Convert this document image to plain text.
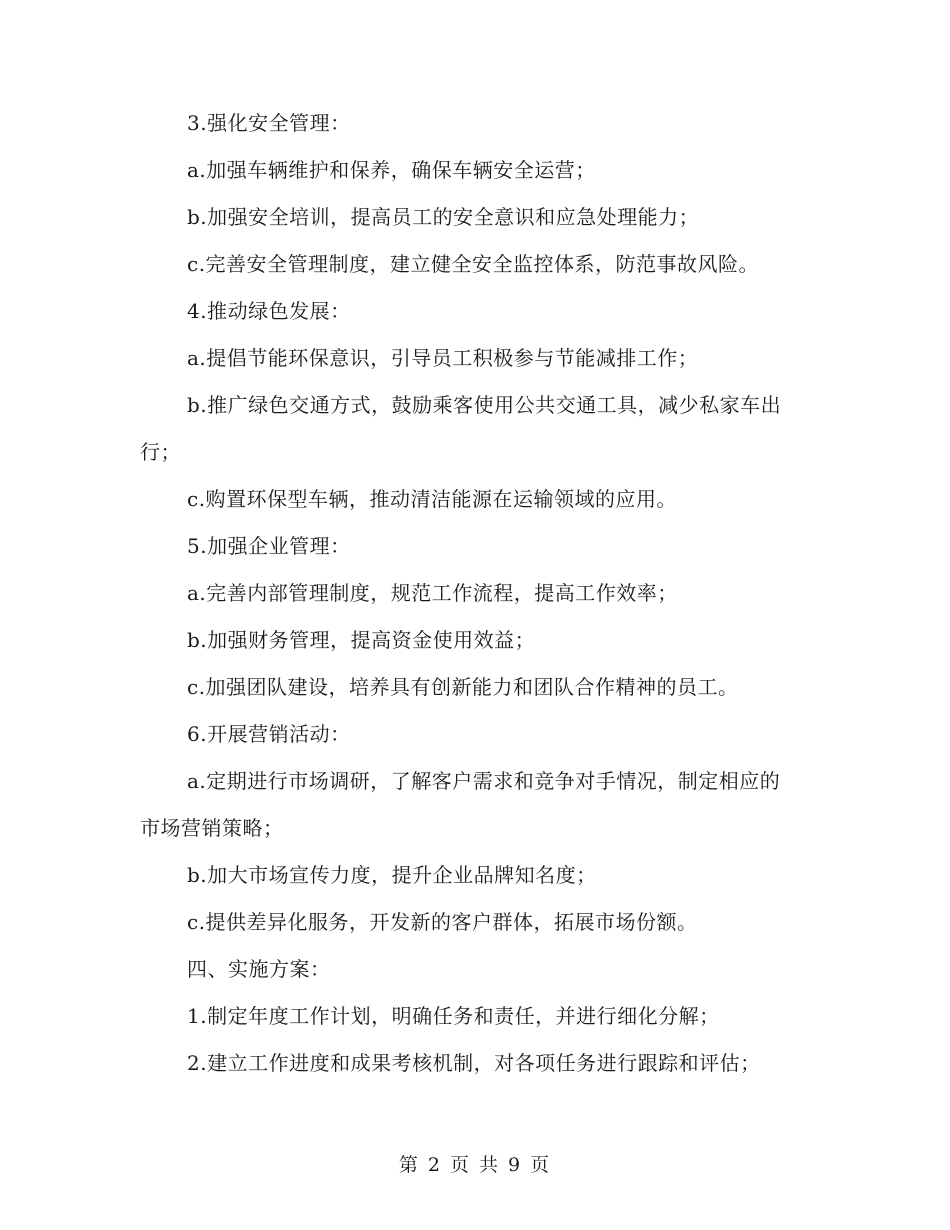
3.强化安全管理：

a.加强车辆维护和保养，确保车辆安全运营；

b.加强安全培训，提高员工的安全意识和应急处理能力；

c.完善安全管理制度，建立健全安全监控体系，防范事故风险。

4.推动绿色发展：

a.提倡节能环保意识，引导员工积极参与节能减排工作；

b.推广绿色交通方式，鼓励乘客使用公共交通工具，减少私家车出行；

c.购置环保型车辆，推动清洁能源在运输领域的应用。

5.加强企业管理：

a.完善内部管理制度，规范工作流程，提高工作效率；

b.加强财务管理，提高资金使用效益；

c.加强团队建设，培养具有创新能力和团队合作精神的员工。

6.开展营销活动：

a.定期进行市场调研，了解客户需求和竞争对手情况，制定相应的市场营销策略；

b.加大市场宣传力度，提升企业品牌知名度；

c.提供差异化服务，开发新的客户群体，拓展市场份额。

四、实施方案：

1.制定年度工作计划，明确任务和责任，并进行细化分解；

2.建立工作进度和成果考核机制，对各项任务进行跟踪和评估；

第 2 页 共 9 页
